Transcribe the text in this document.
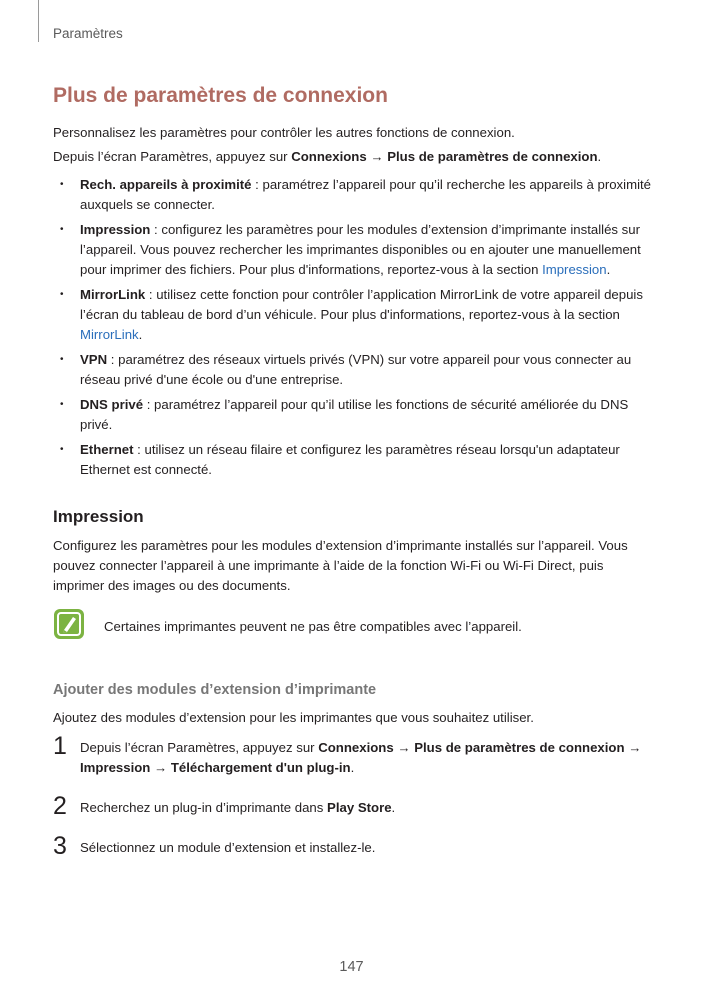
Paramètres
Plus de paramètres de connexion

Personnalisez les paramètres pour contrôler les autres fonctions de connexion.

Depuis l’écran Paramètres, appuyez sur Connexions → Plus de paramètres de connexion.

• Rech. appareils à proximité : paramétrez l’appareil pour qu’il recherche les appareils à proximité auxquels se connecter.
• Impression : configurez les paramètres pour les modules d’extension d’imprimante installés sur l’appareil. Vous pouvez rechercher les imprimantes disponibles ou en ajouter une manuellement pour imprimer des fichiers. Pour plus d'informations, reportez-vous à la section Impression.
• MirrorLink : utilisez cette fonction pour contrôler l’application MirrorLink de votre appareil depuis l’écran du tableau de bord d’un véhicule. Pour plus d'informations, reportez-vous à la section MirrorLink.
• VPN : paramétrez des réseaux virtuels privés (VPN) sur votre appareil pour vous connecter au réseau privé d'une école ou d'une entreprise.
• DNS privé : paramétrez l’appareil pour qu’il utilise les fonctions de sécurité améliorée du DNS privé.
• Ethernet : utilisez un réseau filaire et configurez les paramètres réseau lorsqu'un adaptateur Ethernet est connecté.
Impression

Configurez les paramètres pour les modules d’extension d’imprimante installés sur l’appareil. Vous pouvez connecter l’appareil à une imprimante à l’aide de la fonction Wi-Fi ou Wi-Fi Direct, puis imprimer des images ou des documents.

Certaines imprimantes peuvent ne pas être compatibles avec l’appareil.
Ajouter des modules d’extension d’imprimante

Ajoutez des modules d’extension pour les imprimantes que vous souhaitez utiliser.

1 Depuis l’écran Paramètres, appuyez sur Connexions → Plus de paramètres de connexion → Impression → Téléchargement d'un plug-in.
2 Recherchez un plug-in d’imprimante dans Play Store.
3 Sélectionnez un module d’extension et installez-le.
147
